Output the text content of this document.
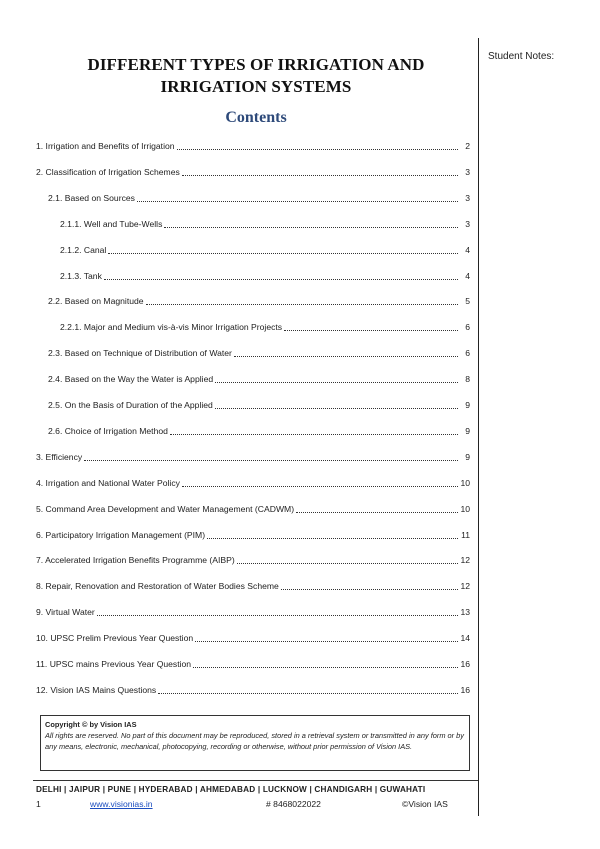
Student Notes:
DIFFERENT TYPES OF IRRIGATION AND
IRRIGATION SYSTEMS
Contents
1. Irrigation and Benefits of Irrigation	2
2. Classification of Irrigation Schemes	3
2.1. Based on Sources	3
2.1.1. Well and Tube-Wells	3
2.1.2. Canal	4
2.1.3. Tank	4
2.2. Based on Magnitude	5
2.2.1. Major and Medium vis-à-vis Minor Irrigation Projects	6
2.3. Based on Technique of Distribution of Water	6
2.4. Based on the Way the Water is Applied	8
2.5. On the Basis of Duration of the Applied	9
2.6. Choice of Irrigation Method	9
3. Efficiency	9
4. Irrigation and National Water Policy	10
5. Command Area Development and Water Management (CADWM)	10
6. Participatory Irrigation Management (PIM)	11
7. Accelerated Irrigation Benefits Programme (AIBP)	12
8. Repair, Renovation and Restoration of Water Bodies Scheme	12
9. Virtual Water	13
10. UPSC Prelim Previous Year Question	14
11. UPSC mains Previous Year Question	16
12. Vision IAS Mains Questions	16
Copyright © by Vision IAS
All rights are reserved. No part of this document may be reproduced, stored in a retrieval system or transmitted in any form or by any means, electronic, mechanical, photocopying, recording or otherwise, without prior permission of Vision IAS.
DELHI | JAIPUR | PUNE | HYDERABAD | AHMEDABAD | LUCKNOW | CHANDIGARH | GUWAHATI
1	www.visionias.in	# 8468022022	©Vision IAS
